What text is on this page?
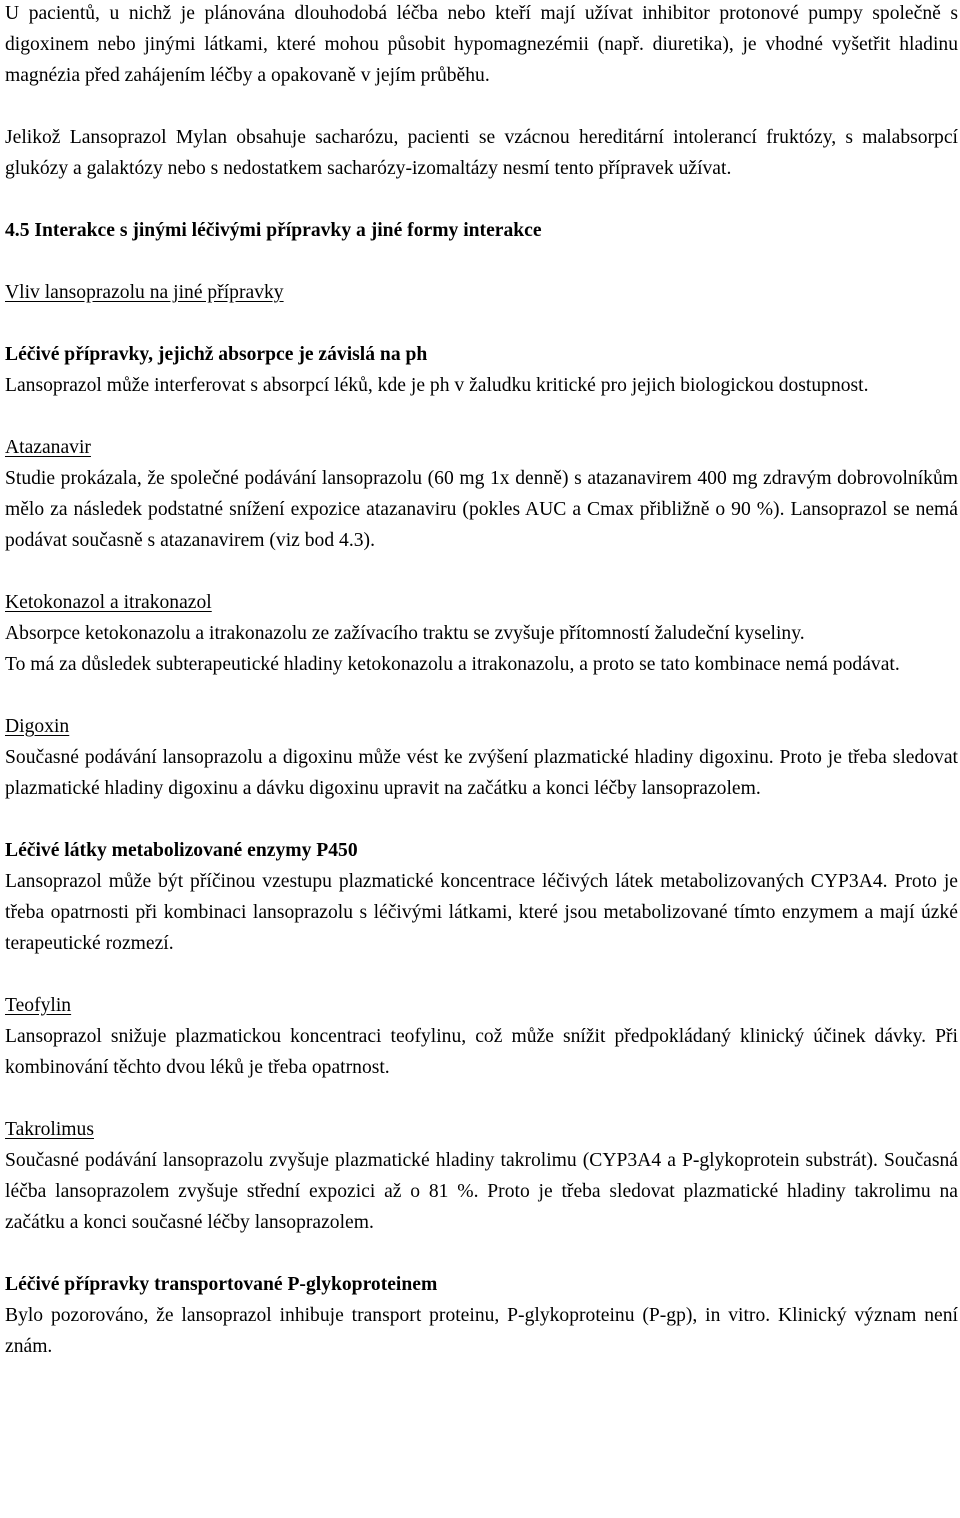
U pacientů, u nichž je plánována dlouhodobá léčba nebo kteří mají užívat inhibitor protonové pumpy společně s digoxinem nebo jinými látkami, které mohou působit hypomagnezémii (např. diuretika), je vhodné vyšetřit hladinu magnézia před zahájením léčby a opakovaně v jejím průběhu.

Jelikož Lansoprazol Mylan obsahuje sacharózu, pacienti se vzácnou hereditární intolerancí fruktózy, s malabsorpcí glukózy a galaktózy nebo s nedostatkem sacharózy-izomaltázy nesmí tento přípravek užívat.

4.5 Interakce s jinými léčivými přípravky a jiné formy interakce

Vliv lansoprazolu na jiné přípravky

Léčivé přípravky, jejichž absorpce je závislá na ph

Lansoprazol může interferovat s absorpcí léků, kde je ph v žaludku kritické pro jejich biologickou dostupnost.

Atazanavir

Studie prokázala, že společné podávání lansoprazolu (60 mg 1x denně) s atazanavirem 400 mg zdravým dobrovolníkům mělo za následek podstatné snížení expozice atazanaviru (pokles AUC a Cmax přibližně o 90 %). Lansoprazol se nemá podávat současně s atazanavirem (viz bod 4.3).

Ketokonazol a itrakonazol

Absorpce ketokonazolu a itrakonazolu ze zažívacího traktu se zvyšuje přítomností žaludeční kyseliny.

To má za důsledek subterapeutické hladiny ketokonazolu a itrakonazolu, a proto se tato kombinace nemá podávat.

Digoxin

Současné podávání lansoprazolu a digoxinu může vést ke zvýšení plazmatické hladiny digoxinu. Proto je třeba sledovat plazmatické hladiny digoxinu a dávku digoxinu upravit na začátku a konci léčby lansoprazolem.

Léčivé látky metabolizované enzymy P450

Lansoprazol může být příčinou vzestupu plazmatické koncentrace léčivých látek metabolizovaných CYP3A4. Proto je třeba opatrnosti při kombinaci lansoprazolu s léčivými látkami, které jsou metabolizované tímto enzymem a mají úzké terapeutické rozmezí.

Teofylin

Lansoprazol snižuje plazmatickou koncentraci teofylinu, což může snížit předpokládaný klinický účinek dávky. Při kombinování těchto dvou léků je třeba opatrnost.

Takrolimus

Současné podávání lansoprazolu zvyšuje plazmatické hladiny takrolimu (CYP3A4 a P-glykoprotein substrát). Současná léčba lansoprazolem zvyšuje střední expozici až o 81 %. Proto je třeba sledovat plazmatické hladiny takrolimu na začátku a konci současné léčby lansoprazolem.

Léčivé přípravky transportované P-glykoproteinem

Bylo pozorováno, že lansoprazol inhibuje transport proteinu, P-glykoproteinu (P-gp), in vitro. Klinický význam není znám.
